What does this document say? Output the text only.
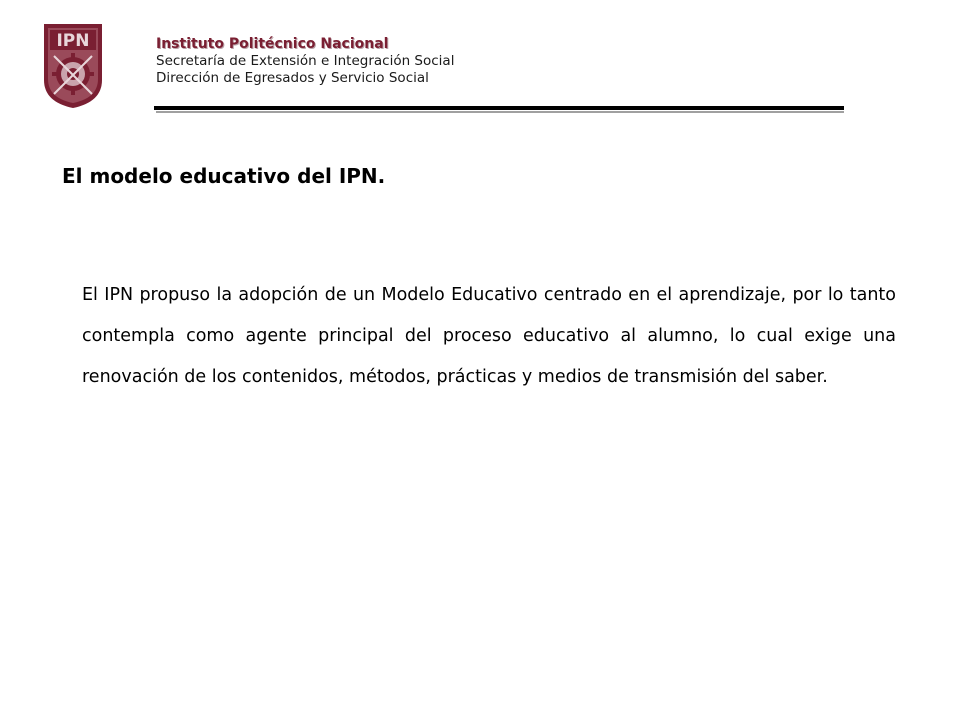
IPN	Instituto Politécnico Nacional
Secretaría de Extensión e Integración Social
Dirección de Egresados y Servicio Social
El modelo educativo del IPN.

El IPN propuso la adopción de un Modelo Educativo centrado en el aprendizaje, por lo tanto contempla como agente principal del proceso educativo al alumno, lo cual exige una renovación de los contenidos, métodos, prácticas y medios de transmisión del saber.
